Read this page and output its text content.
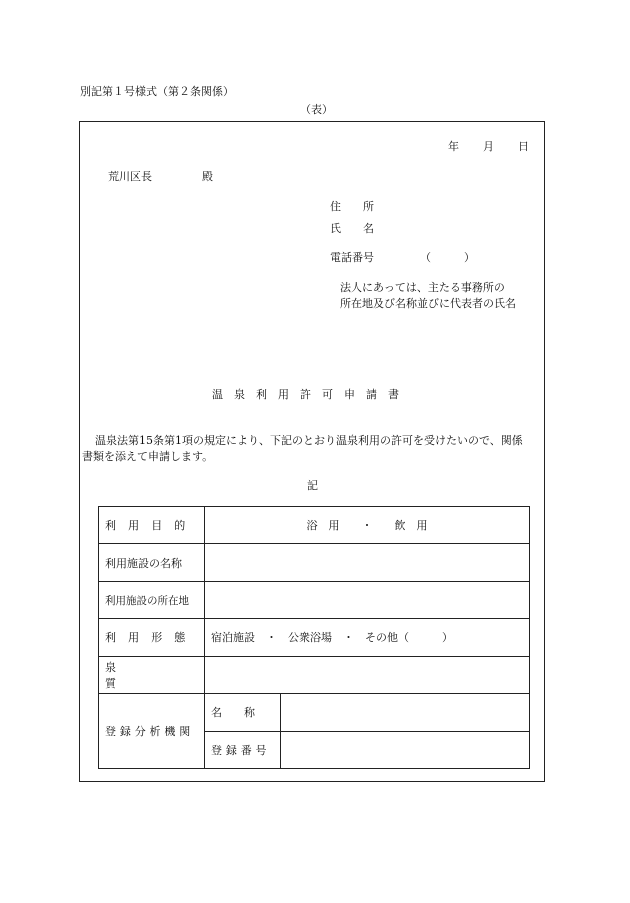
別記第１号様式（第２条関係）
（表）
年 月 日
荒川区長	殿
住　　所
氏　　名
電話番号	（　　　）
法人にあっては、主たる事務所の
所在地及び名称並びに代表者の氏名
温　泉　利　用　許　可　申　請　書
温泉法第15条第1項の規定により、下記のとおり温泉利用の許可を受けたいので、関係
書類を添えて申請します。
記
利用目的	浴　用　　・　　飲　用	
利用施設の名称		
利用施設の所在地		
利用形態	宿泊施設　・　公衆浴場　・　その他（　　　）	
泉質		
登録分析機関	名　　称	
	登録番号	
